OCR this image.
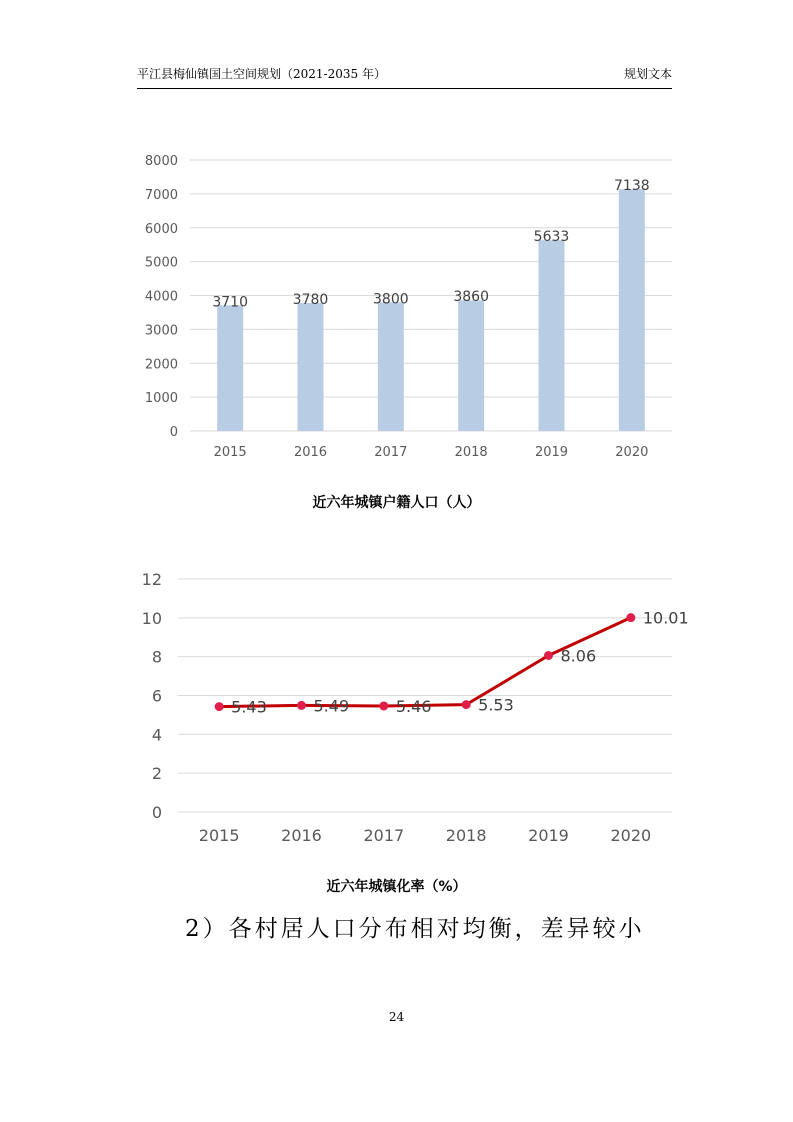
平江县梅仙镇国土空间规划（2021-2035 年）	规划文本
0
1000
2000
3000
4000
5000
6000
7000
8000
3710
2015
3780
2016
3800
2017
3860
2018
5633
2019
7138
2020
近六年城镇户籍人口（人）
0
2
4
6
8
10
12
5.43
2015
5.49
2016
5.46
2017
5.53
2018
8.06
2019
10.01
2020
近六年城镇化率（%）
2）各村居人口分布相对均衡，差异较小
24
